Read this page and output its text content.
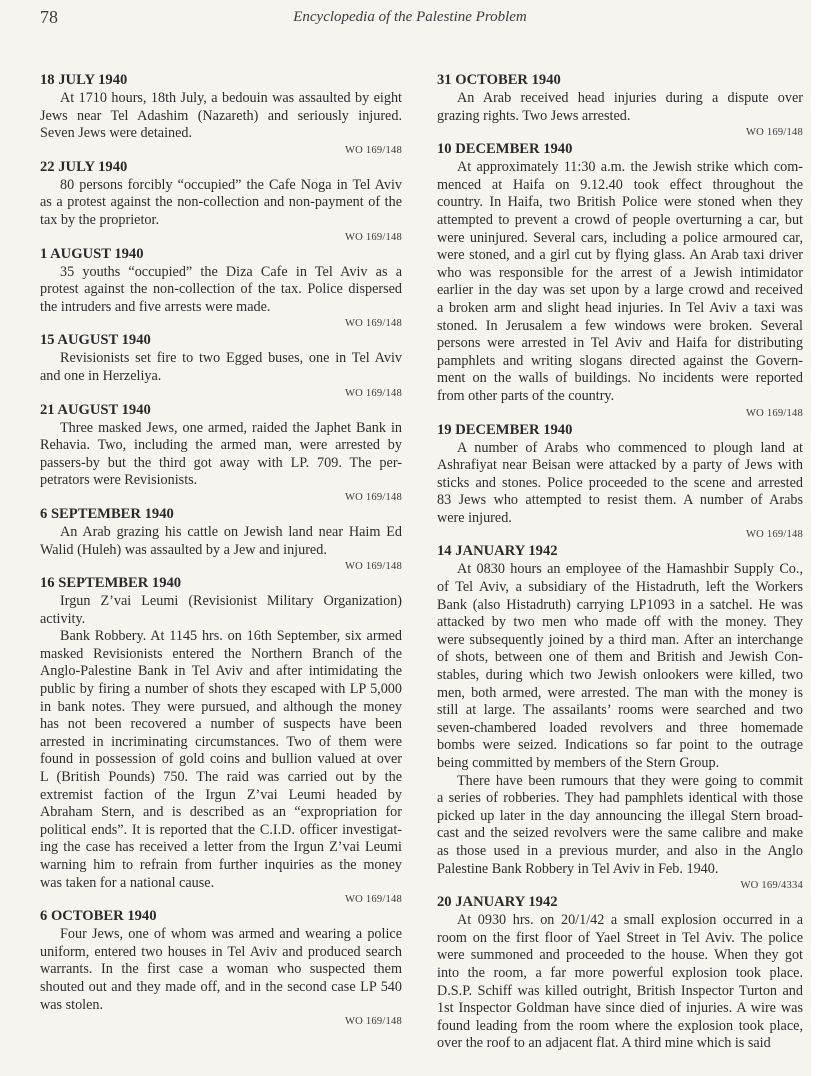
78	Encyclopedia of the Palestine Problem
18 JULY 1940
At 1710 hours, 18th July, a bedouin was assaulted by eight
Jews near Tel Adashim (Nazareth) and seriously injured.
Seven Jews were detained.
WO 169/148
22 JULY 1940
80 persons forcibly “occupied” the Cafe Noga in Tel Aviv
as a protest against the non-collection and non-payment of the
tax by the proprietor.
WO 169/148
1 AUGUST 1940
35 youths “occupied” the Diza Cafe in Tel Aviv as a
protest against the non-collection of the tax. Police dispersed
the intruders and five arrests were made.
WO 169/148
15 AUGUST 1940
Revisionists set fire to two Egged buses, one in Tel Aviv
and one in Herzeliya.
WO 169/148
21 AUGUST 1940
Three masked Jews, one armed, raided the Japhet Bank in
Rehavia. Two, including the armed man, were arrested by
passers-by but the third got away with LP. 709. The per-
petrators were Revisionists.
WO 169/148
6 SEPTEMBER 1940
An Arab grazing his cattle on Jewish land near Haim Ed
Walid (Huleh) was assaulted by a Jew and injured.
WO 169/148
16 SEPTEMBER 1940
Irgun Z’vai Leumi (Revisionist Military Organization)
activity.
Bank Robbery. At 1145 hrs. on 16th September, six armed
masked Revisionists entered the Northern Branch of the
Anglo-Palestine Bank in Tel Aviv and after intimidating the
public by firing a number of shots they escaped with LP 5,000
in bank notes. They were pursued, and although the money
has not been recovered a number of suspects have been
arrested in incriminating circumstances. Two of them were
found in possession of gold coins and bullion valued at over
L (British Pounds) 750. The raid was carried out by the
extremist faction of the Irgun Z’vai Leumi headed by
Abraham Stern, and is described as an “expropriation for
political ends”. It is reported that the C.I.D. officer investigat-
ing the case has received a letter from the Irgun Z’vai Leumi
warning him to refrain from further inquiries as the money
was taken for a national cause.
WO 169/148
6 OCTOBER 1940
Four Jews, one of whom was armed and wearing a police
uniform, entered two houses in Tel Aviv and produced search
warrants. In the first case a woman who suspected them
shouted out and they made off, and in the second case LP 540
was stolen.
WO 169/148
31 OCTOBER 1940
An Arab received head injuries during a dispute over
grazing rights. Two Jews arrested.
WO 169/148
10 DECEMBER 1940
At approximately 11:30 a.m. the Jewish strike which com-
menced at Haifa on 9.12.40 took effect throughout the
country. In Haifa, two British Police were stoned when they
attempted to prevent a crowd of people overturning a car, but
were uninjured. Several cars, including a police armoured car,
were stoned, and a girl cut by flying glass. An Arab taxi driver
who was responsible for the arrest of a Jewish intimidator
earlier in the day was set upon by a large crowd and received
a broken arm and slight head injuries. In Tel Aviv a taxi was
stoned. In Jerusalem a few windows were broken. Several
persons were arrested in Tel Aviv and Haifa for distributing
pamphlets and writing slogans directed against the Govern-
ment on the walls of buildings. No incidents were reported
from other parts of the country.
WO 169/148
19 DECEMBER 1940
A number of Arabs who commenced to plough land at
Ashrafiyat near Beisan were attacked by a party of Jews with
sticks and stones. Police proceeded to the scene and arrested
83 Jews who attempted to resist them. A number of Arabs
were injured.
WO 169/148
14 JANUARY 1942
At 0830 hours an employee of the Hamashbir Supply Co.,
of Tel Aviv, a subsidiary of the Histadruth, left the Workers
Bank (also Histadruth) carrying LP1093 in a satchel. He was
attacked by two men who made off with the money. They
were subsequently joined by a third man. After an interchange
of shots, between one of them and British and Jewish Con-
stables, during which two Jewish onlookers were killed, two
men, both armed, were arrested. The man with the money is
still at large. The assailants’ rooms were searched and two
seven-chambered loaded revolvers and three homemade
bombs were seized. Indications so far point to the outrage
being committed by members of the Stern Group.
There have been rumours that they were going to commit
a series of robberies. They had pamphlets identical with those
picked up later in the day announcing the illegal Stern broad-
cast and the seized revolvers were the same calibre and make
as those used in a previous murder, and also in the Anglo
Palestine Bank Robbery in Tel Aviv in Feb. 1940.
WO 169/4334
20 JANUARY 1942
At 0930 hrs. on 20/1/42 a small explosion occurred in a
room on the first floor of Yael Street in Tel Aviv. The police
were summoned and proceeded to the house. When they got
into the room, a far more powerful explosion took place.
D.S.P. Schiff was killed outright, British Inspector Turton and
1st Inspector Goldman have since died of injuries. A wire was
found leading from the room where the explosion took place,
over the roof to an adjacent flat. A third mine which is said
